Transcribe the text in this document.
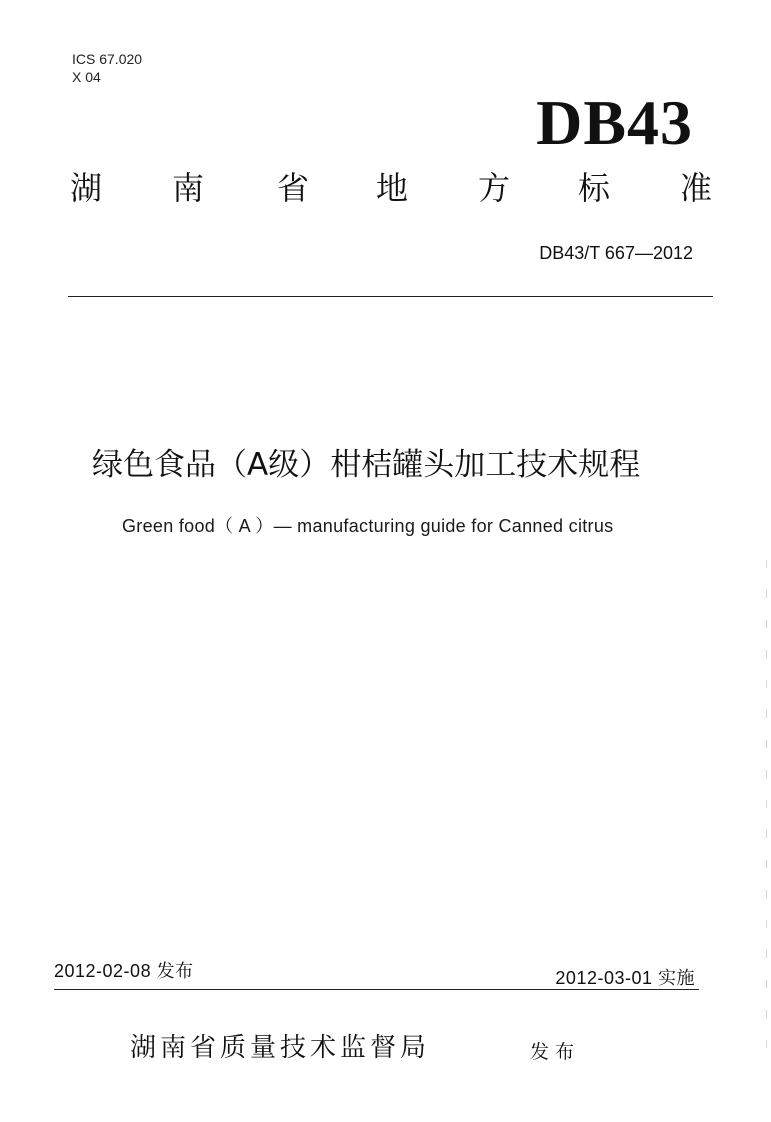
ICS 67.020
X 04
DB43
湖 南 省 地 方 标 准
DB43/T 667—2012
绿色食品（A级）柑桔罐头加工技术规程
Green food（ A ）— manufacturing guide for Canned citrus
2012-02-08 发布	2012-03-01 实施
湖南省质量技术监督局	发布
